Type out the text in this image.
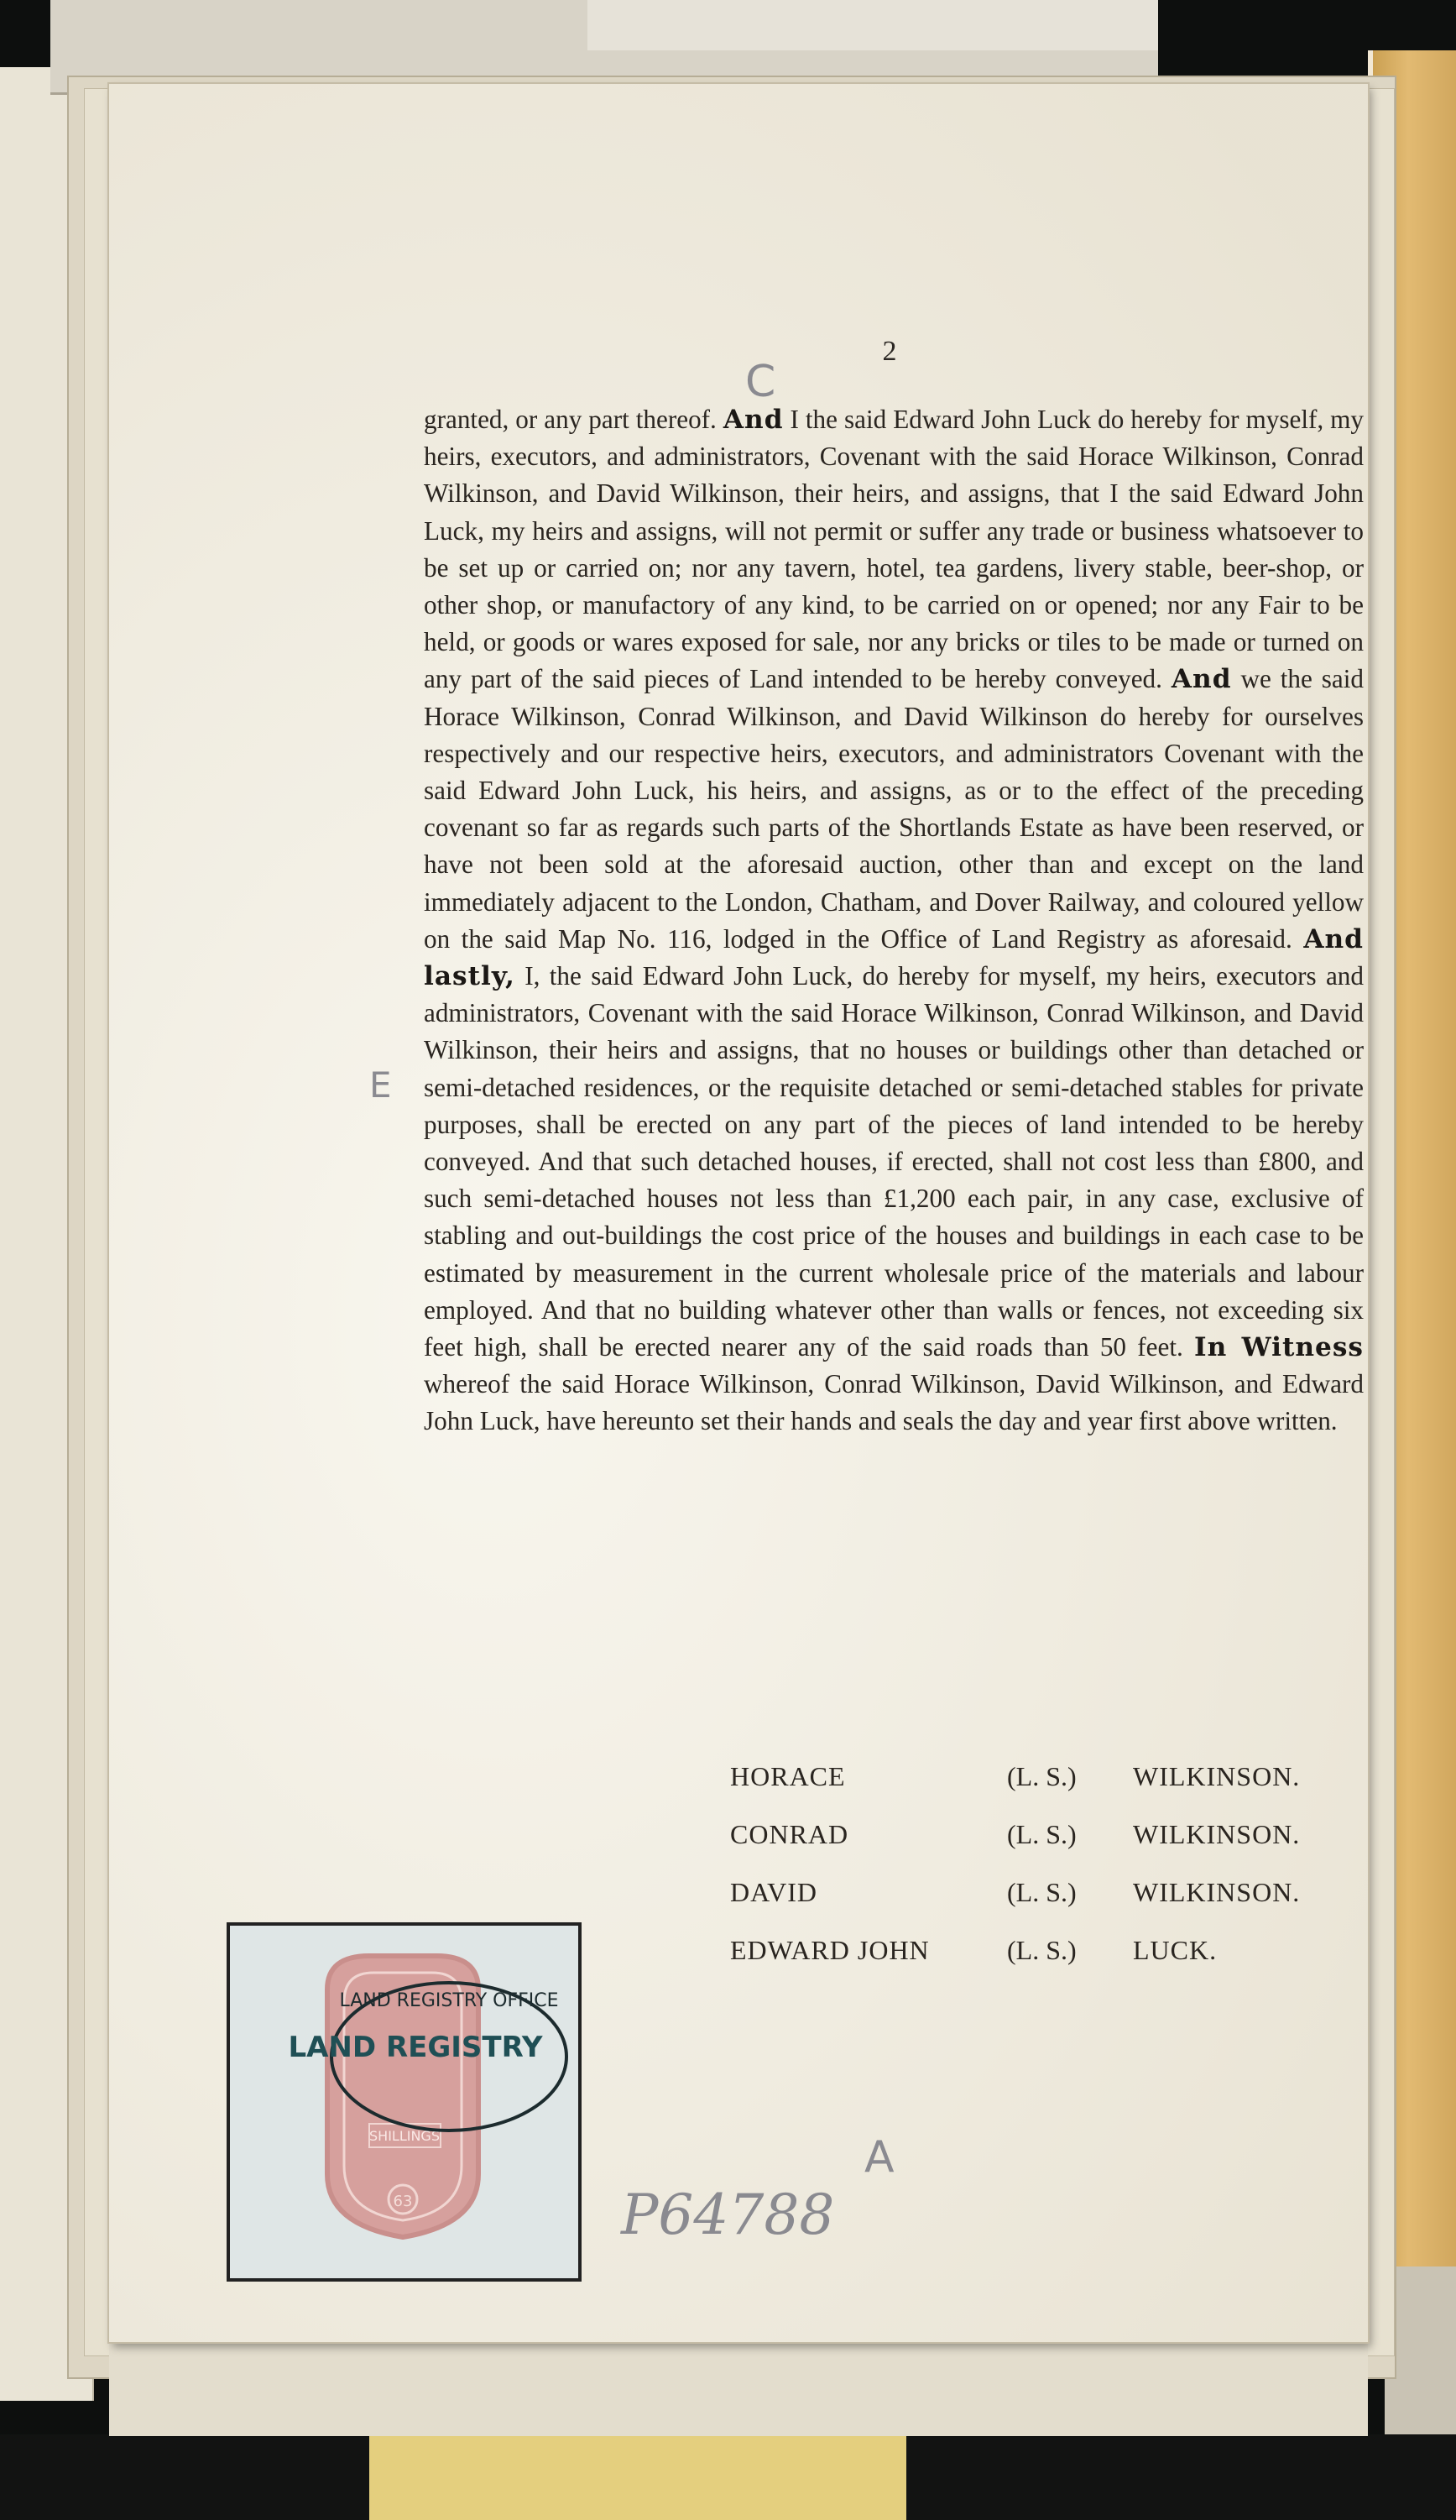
2
C
E
granted, or any part thereof. And I the said Edward John Luck do hereby for myself, my heirs, executors, and administrators, Covenant with the said Horace Wilkinson, Conrad Wilkinson, and David Wilkinson, their heirs, and assigns, that I the said Edward John Luck, my heirs and assigns, will not permit or suffer any trade or business whatsoever to be set up or carried on; nor any tavern, hotel, tea gardens, livery stable, beer-shop, or other shop, or manufactory of any kind, to be carried on or opened; nor any Fair to be held, or goods or wares exposed for sale, nor any bricks or tiles to be made or turned on any part of the said pieces of Land intended to be hereby conveyed. And we the said Horace Wilkinson, Conrad Wilkinson, and David Wilkinson do hereby for ourselves respectively and our respective heirs, executors, and administrators Covenant with the said Edward John Luck, his heirs, and assigns, as or to the effect of the preceding covenant so far as regards such parts of the Shortlands Estate as have been reserved, or have not been sold at the aforesaid auction, other than and except on the land immediately adjacent to the London, Chatham, and Dover Railway, and coloured yellow on the said Map No. 116, lodged in the Office of Land Registry as aforesaid. And lastly, I, the said Edward John Luck, do hereby for myself, my heirs, executors and administrators, Covenant with the said Horace Wilkinson, Conrad Wilkinson, and David Wilkinson, their heirs and assigns, that no houses or buildings other than detached or semi-detached residences, or the requisite detached or semi-detached stables for private purposes, shall be erected on any part of the pieces of land intended to be hereby conveyed. And that such detached houses, if erected, shall not cost less than £800, and such semi-detached houses not less than £1,200 each pair, in any case, exclusive of stabling and out-buildings the cost price of the houses and buildings in each case to be estimated by measurement in the current wholesale price of the materials and labour employed. And that no building whatever other than walls or fences, not exceeding six feet high, shall be erected nearer any of the said roads than 50 feet. In Witness whereof the said Horace Wilkinson, Conrad Wilkinson, David Wilkinson, and Edward John Luck, have hereunto set their hands and seals the day and year first above written.
HORACE	(L. S.)	WILKINSON.
CONRAD	(L. S.)	WILKINSON.
DAVID	(L. S.)	WILKINSON.
EDWARD JOHN	(L. S.)	LUCK.
SHILLINGS
63
LAND REGISTRY OFFICE
LAND REGISTRY
P64788
A
